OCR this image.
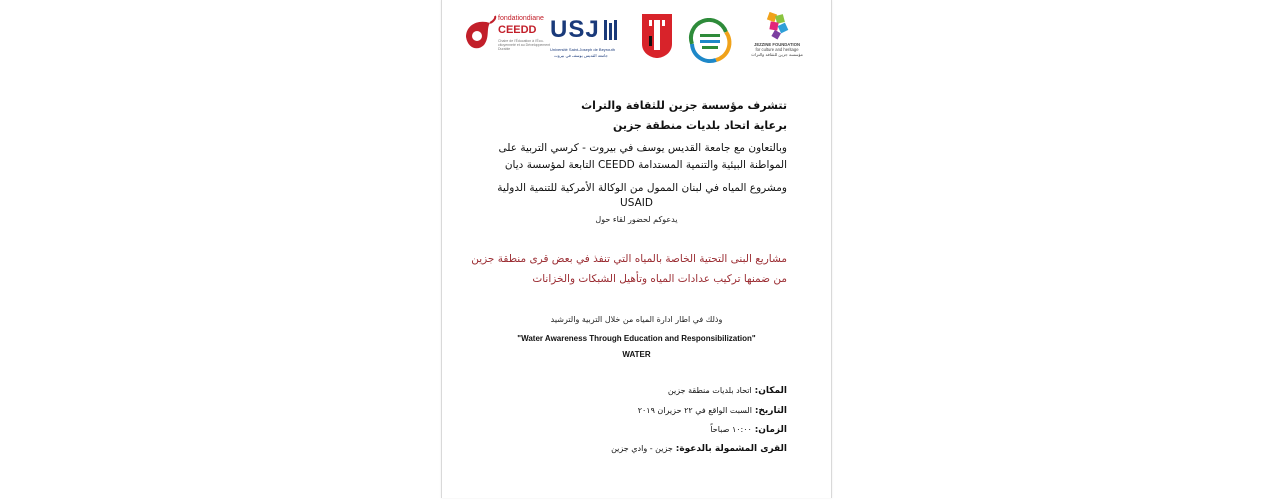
fondationdiane
CEEDD
Chaire de l'Éducation à l'Éco-citoyenneté et au Développement Durable
USJ
Université Saint-Joseph de Beyrouth
جامعة القديس يوسف في بيروت
JEZZINE FOUNDATION
for culture and heritage
مؤسسة جزين للثقافة والتراث
تتشرف مؤسسة جزين للثقافة والتراث
برعاية اتحاد بلديات منطقة جزين
وبالتعاون مع جامعة القديس يوسف في بيروت - كرسي التربية على
المواطنة البيئية والتنمية المستدامة CEEDD التابعة لمؤسسة ديان
ومشروع المياه في لبنان الممول من الوكالة الأمركية للتنمية الدولية
USAID
يدعوكم لحضور لقاء حول
مشاريع البنى التحتية الخاصة بالمياه التي تنفذ في بعض قرى منطقة جزين
من ضمنها تركيب عدادات المياه وتأهيل الشبكات والخزانات
وذلك في اطار ادارة المياه من خلال التربية والترشيد
"Water Awareness Through Education and Responsibilization"
WATER
المكان: اتحاد بلديات منطقة جزين
التاريخ: السبت الواقع في ٢٢ حزيران ٢٠١٩
الزمان: ١٠:٠٠ صباحاً
القرى المشمولة بالدعوة: جزين - وادي جزين
